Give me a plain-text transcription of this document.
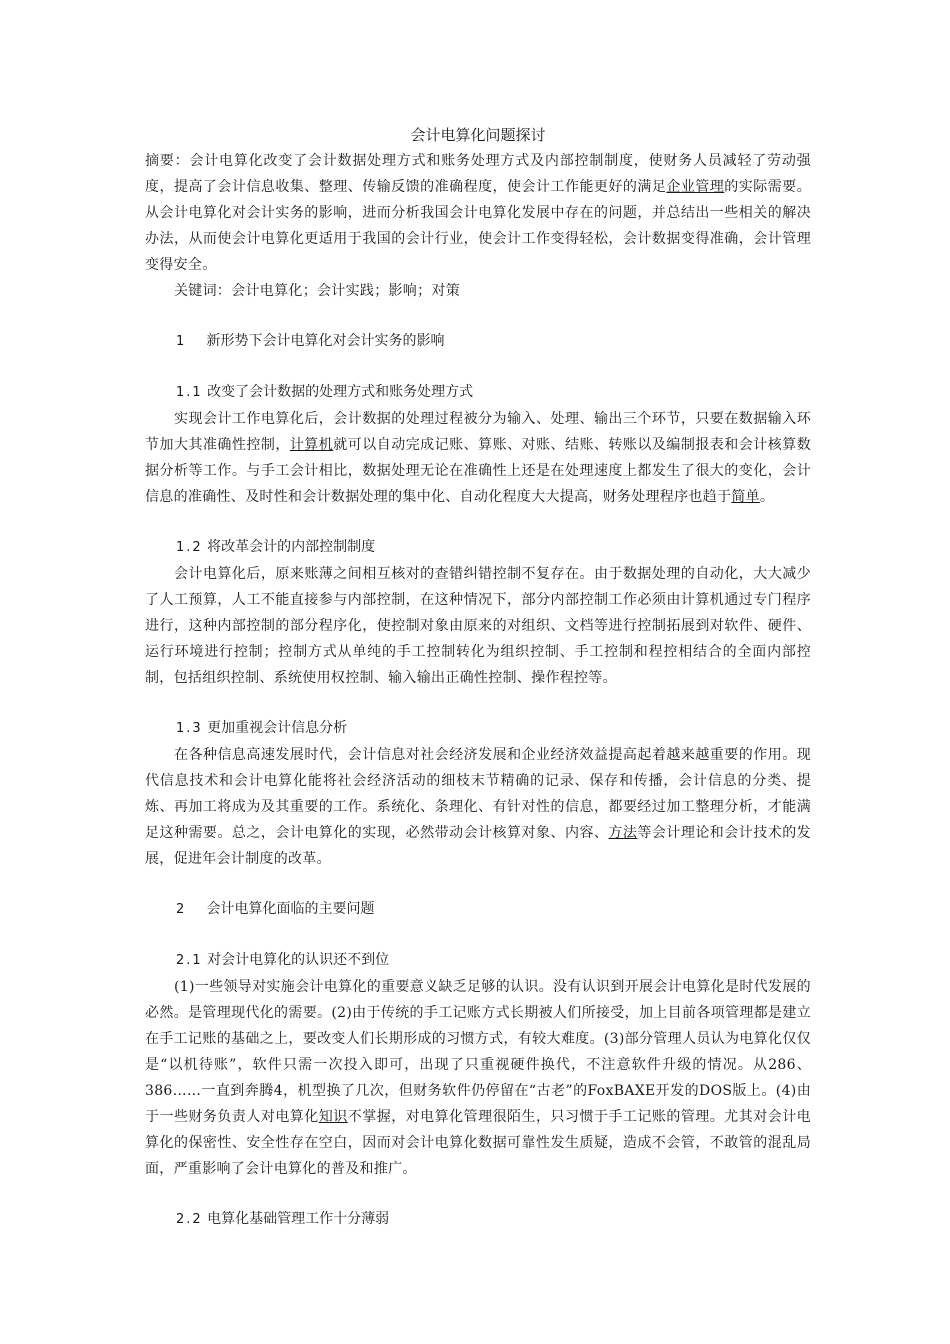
会计电算化问题探讨

摘要：会计电算化改变了会计数据处理方式和账务处理方式及内部控制制度，使财务人员减轻了劳动强度，提高了会计信息收集、整理、传输反馈的准确程度，使会计工作能更好的满足企业管理的实际需要。从会计电算化对会计实务的影响，进而分析我国会计电算化发展中存在的问题，并总结出一些相关的解决办法，从而使会计电算化更适用于我国的会计行业，使会计工作变得轻松，会计数据变得准确，会计管理变得安全。

关键词：会计电算化；会计实践；影响；对策

1 新形势下会计电算化对会计实务的影响
1.1 改变了会计数据的处理方式和账务处理方式

实现会计工作电算化后，会计数据的处理过程被分为输入、处理、输出三个环节，只要在数据输入环节加大其准确性控制，计算机就可以自动完成记账、算账、对账、结账、转账以及编制报表和会计核算数据分析等工作。与手工会计相比，数据处理无论在准确性上还是在处理速度上都发生了很大的变化，会计信息的准确性、及时性和会计数据处理的集中化、自动化程度大大提高，财务处理程序也趋于简单。

1.2 将改革会计的内部控制制度

会计电算化后，原来账薄之间相互核对的查错纠错控制不复存在。由于数据处理的自动化，大大减少了人工预算，人工不能直接参与内部控制，在这种情况下，部分内部控制工作必须由计算机通过专门程序进行，这种内部控制的部分程序化，使控制对象由原来的对组织、文档等进行控制拓展到对软件、硬件、运行环境进行控制；控制方式从单纯的手工控制转化为组织控制、手工控制和程控相结合的全面内部控制，包括组织控制、系统使用权控制、输入输出正确性控制、操作程控等。

1.3 更加重视会计信息分析

在各种信息高速发展时代，会计信息对社会经济发展和企业经济效益提高起着越来越重要的作用。现代信息技术和会计电算化能将社会经济活动的细枝末节精确的记录、保存和传播，会计信息的分类、提炼、再加工将成为及其重要的工作。系统化、条理化、有针对性的信息，都要经过加工整理分析，才能满足这种需要。总之，会计电算化的实现，必然带动会计核算对象、内容、方法等会计理论和会计技术的发展，促进年会计制度的改革。

2 会计电算化面临的主要问题
2.1 对会计电算化的认识还不到位

(1)一些领导对实施会计电算化的重要意义缺乏足够的认识。没有认识到开展会计电算化是时代发展的必然。是管理现代化的需要。(2)由于传统的手工记账方式长期被人们所接受，加上目前各项管理都是建立在手工记账的基础之上，要改变人们长期形成的习惯方式，有较大难度。(3)部分管理人员认为电算化仅仅是“以机待账”，软件只需一次投入即可，出现了只重视硬件换代，不注意软件升级的情况。从286、386……一直到奔腾4，机型换了几次，但财务软件仍停留在“古老”的FoxBAXE开发的DOS版上。(4)由于一些财务负责人对电算化知识不掌握，对电算化管理很陌生，只习惯于手工记账的管理。尤其对会计电算化的保密性、安全性存在空白，因而对会计电算化数据可靠性发生质疑，造成不会管，不敢管的混乱局面，严重影响了会计电算化的普及和推广。

2.2 电算化基础管理工作十分薄弱
